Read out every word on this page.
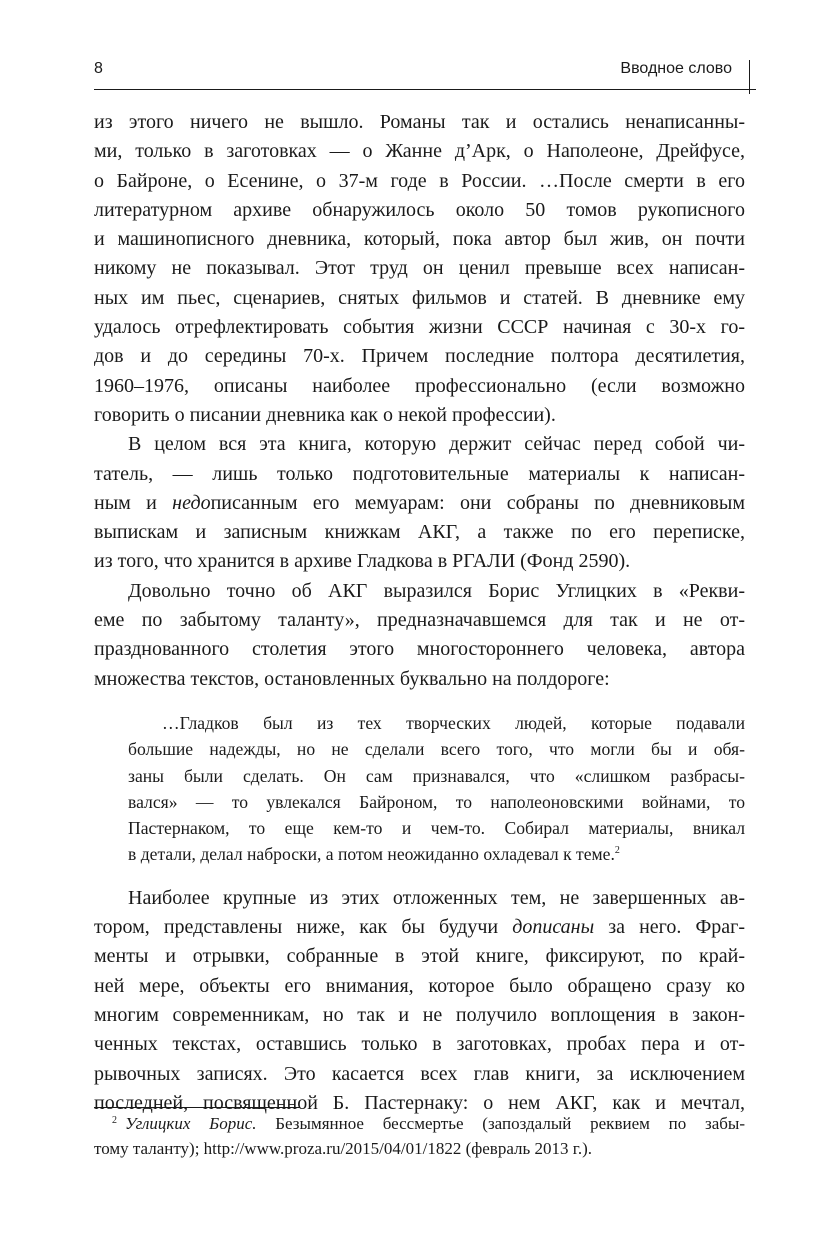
8	Вводное слово

из этого ничего не вышло. Романы так и остались ненаписанны-

ми, только в заготовках — о Жанне д’Арк, о Наполеоне, Дрейфусе,

о Байроне, о Есенине, о 37-м годе в России. …После смерти в его

литературном архиве обнаружилось около 50 томов рукописного

и машинописного дневника, который, пока автор был жив, он почти

никому не показывал. Этот труд он ценил превыше всех написан-

ных им пьес, сценариев, снятых фильмов и статей. В дневнике ему

удалось отрефлектировать события жизни СССР начиная с 30-х го-

дов и до середины 70-х. Причем последние полтора десятилетия,

1960–1976, описаны наиболее профессионально (если возможно

говорить о писании дневника как о некой профессии).

В целом вся эта книга, которую держит сейчас перед собой чи-

татель, — лишь только подготовительные материалы к написан-

ным и недописанным его мемуарам: они собраны по дневниковым

выпискам и записным книжкам АКГ, а также по его переписке,

из того, что хранится в архиве Гладкова в РГАЛИ (Фонд 2590).

Довольно точно об АКГ выразился Борис Углицких в «Рекви-

еме по забытому таланту», предназначавшемся для так и не от-

празднованного столетия этого многостороннего человека, автора

множества текстов, остановленных буквально на полдороге:

…Гладков был из тех творческих людей, которые подавали

большие надежды, но не сделали всего того, что могли бы и обя-

заны были сделать. Он сам признавался, что «слишком разбрасы-

вался» — то увлекался Байроном, то наполеоновскими войнами, то

Пастернаком, то еще кем-то и чем-то. Собирал материалы, вникал

в детали, делал наброски, а потом неожиданно охладевал к теме.$^2$

Наиболее крупные из этих отложенных тем, не завершенных ав-

тором, представлены ниже, как бы будучи дописаны за него. Фраг-

менты и отрывки, собранные в этой книге, фиксируют, по край-

ней мере, объекты его внимания, которое было обращено сразу ко

многим современникам, но так и не получило воплощения в закон-

ченных текстах, оставшись только в заготовках, пробах пера и от-

рывочных записях. Это касается всех глав книги, за исключением

последней, посвященной Б. Пастернаку: о нем АКГ, как и мечтал,

$^2$ Углицких Борис. Безымянное бессмертье (запоздалый реквием по забы-

тому таланту); http://www.proza.ru/2015/04/01/1822 (февраль 2013 г.).
